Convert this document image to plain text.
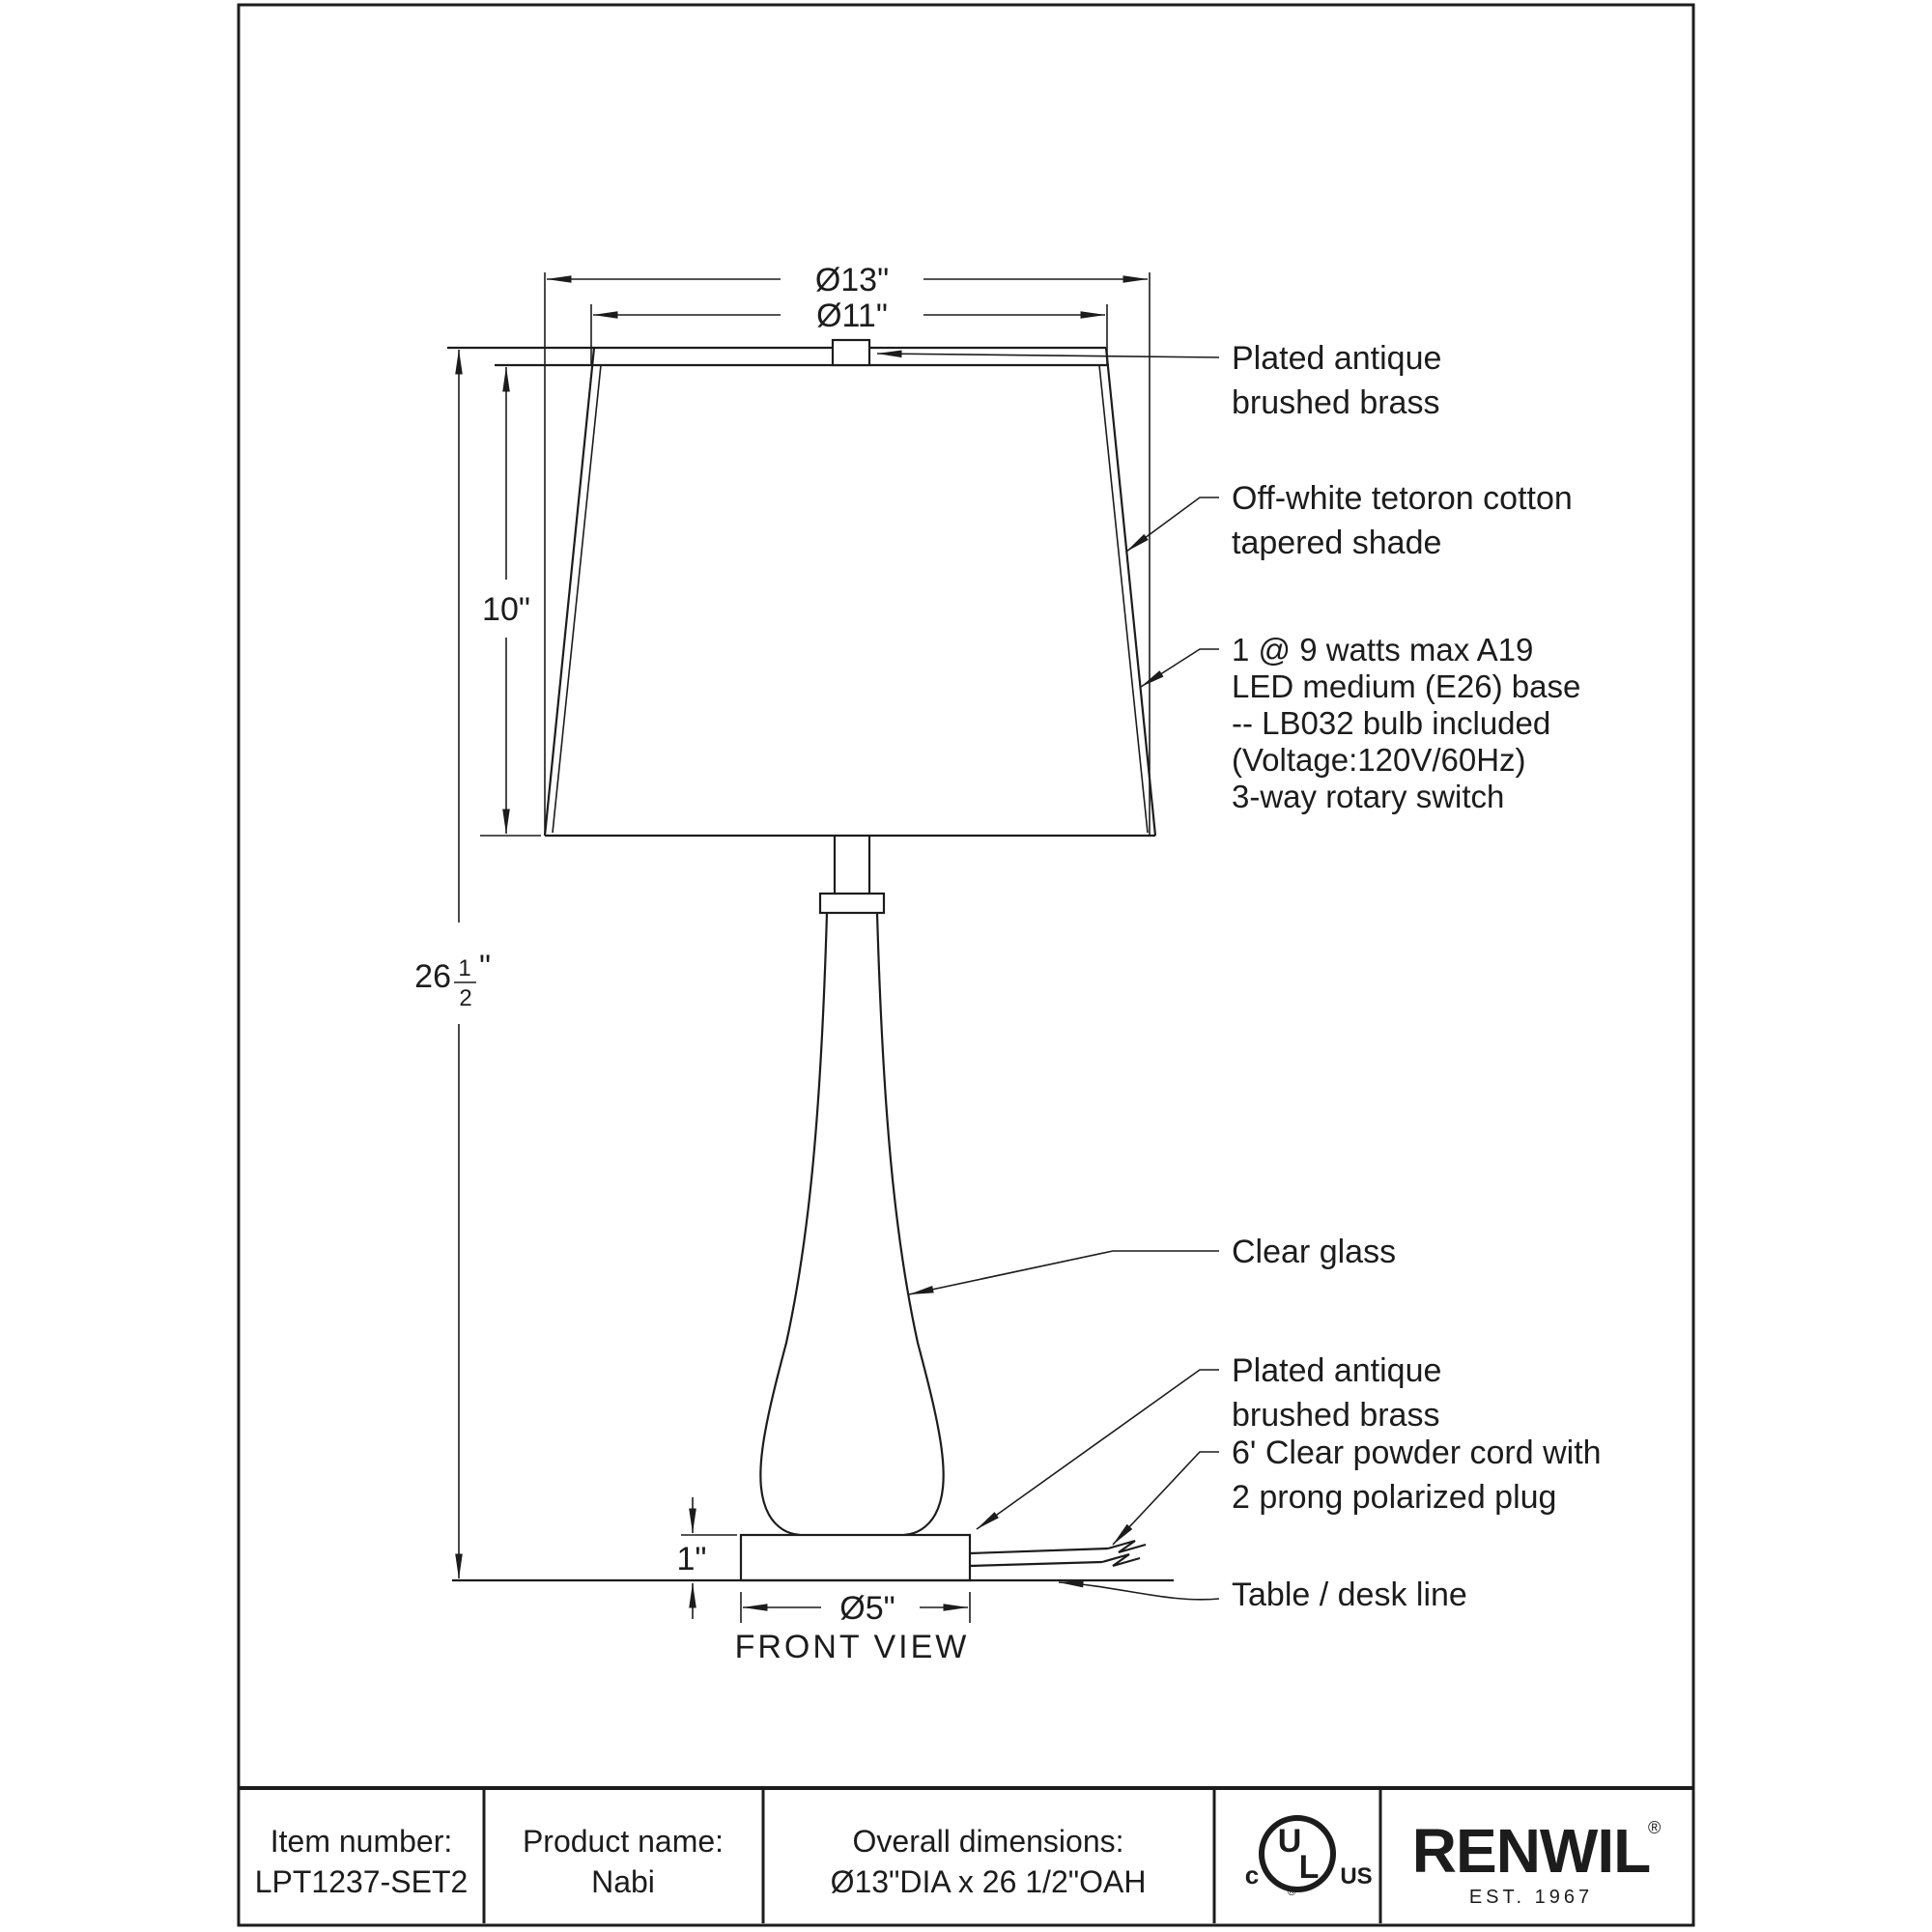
Ø13"
Ø11"
10"
26 1
2
"
1"
Ø5"
FRONT VIEW
Plated antique
brushed brass
Off-white tetoron cotton
tapered shade
1 @ 9 watts max A19
LED medium (E26) base
-- LB032 bulb included
(Voltage:120V/60Hz)
3-way rotary switch
Clear glass
Plated antique
brushed brass
6' Clear powder cord with
2 prong polarized plug
Table / desk line
Item number:
LPT1237-SET2
Product name:
Nabi
Overall dimensions:
Ø13"DIA x 26 1/2"OAH
U
L
c	US
®
RENWIL
®
EST. 1967
